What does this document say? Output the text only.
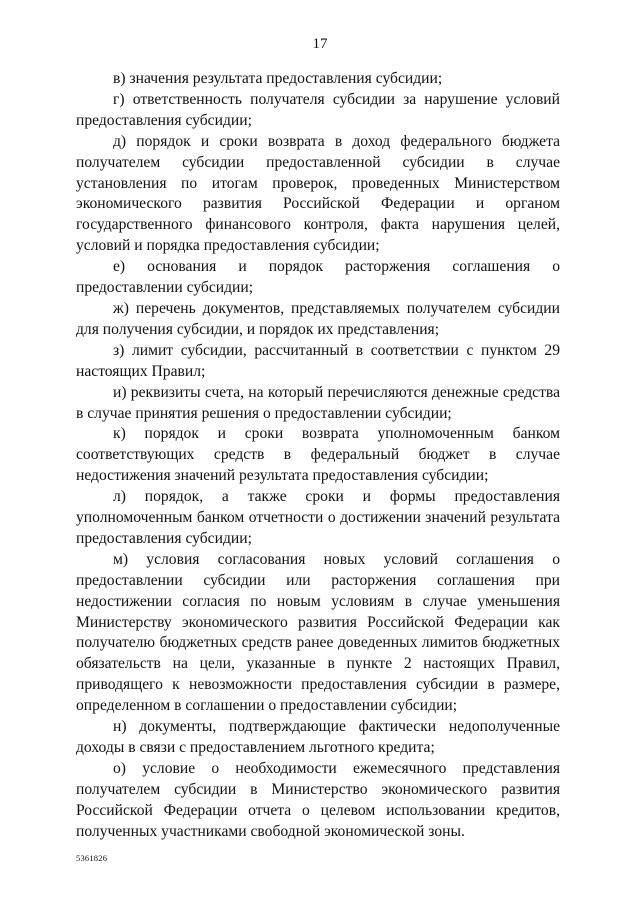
17

в) значения результата предоставления субсидии;

г) ответственность получателя субсидии за нарушение условий предоставления субсидии;

д) порядок и сроки возврата в доход федерального бюджета получателем субсидии предоставленной субсидии в случае установления по итогам проверок, проведенных Министерством экономического развития Российской Федерации и органом государственного финансового контроля, факта нарушения целей, условий и порядка предоставления субсидии;

е) основания и порядок расторжения соглашения о предоставлении субсидии;

ж) перечень документов, представляемых получателем субсидии для получения субсидии, и порядок их представления;

з) лимит субсидии, рассчитанный в соответствии с пунктом 29 настоящих Правил;

и) реквизиты счета, на который перечисляются денежные средства в случае принятия решения о предоставлении субсидии;

к) порядок и сроки возврата уполномоченным банком соответствующих средств в федеральный бюджет в случае недостижения значений результата предоставления субсидии;

л) порядок, а также сроки и формы предоставления уполномоченным банком отчетности о достижении значений результата предоставления субсидии;

м) условия согласования новых условий соглашения о предоставлении субсидии или расторжения соглашения при недостижении согласия по новым условиям в случае уменьшения Министерству экономического развития Российской Федерации как получателю бюджетных средств ранее доведенных лимитов бюджетных обязательств на цели, указанные в пункте 2 настоящих Правил, приводящего к невозможности предоставления субсидии в размере, определенном в соглашении о предоставлении субсидии;

н) документы, подтверждающие фактически недополученные доходы в связи с предоставлением льготного кредита;

о) условие о необходимости ежемесячного представления получателем субсидии в Министерство экономического развития Российской Федерации отчета о целевом использовании кредитов, полученных участниками свободной экономической зоны.

5361826
